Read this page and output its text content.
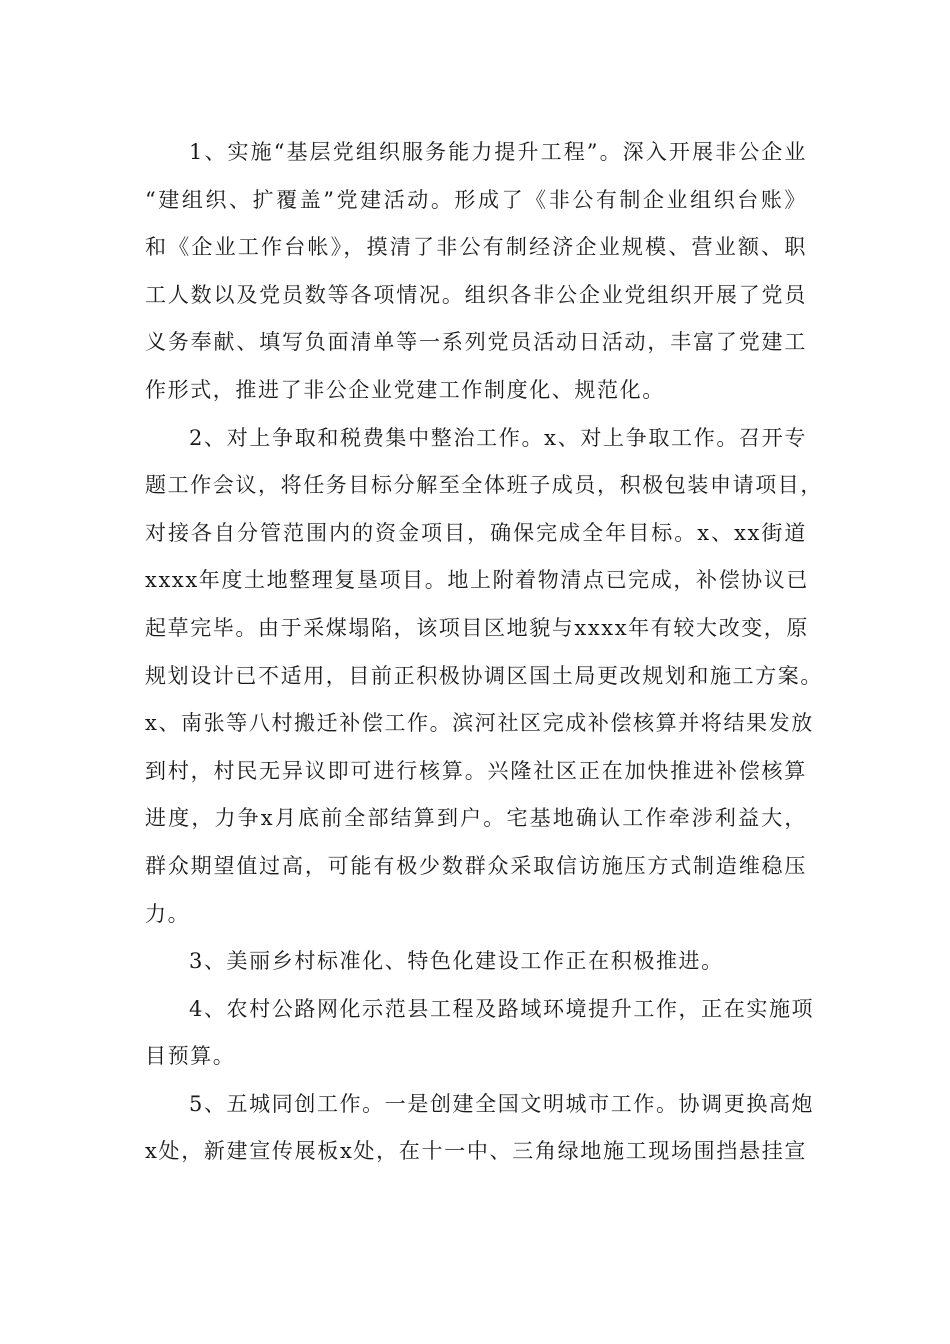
1、实施“基层党组织服务能力提升工程”。深入开展非公企业
“建组织、扩覆盖”党建活动。形成了《非公有制企业组织台账》
和《企业工作台帐》，摸清了非公有制经济企业规模、营业额、职
工人数以及党员数等各项情况。组织各非公企业党组织开展了党员
义务奉献、填写负面清单等一系列党员活动日活动，丰富了党建工
作形式，推进了非公企业党建工作制度化、规范化。
2、对上争取和税费集中整治工作。x、对上争取工作。召开专
题工作会议，将任务目标分解至全体班子成员，积极包装申请项目，
对接各自分管范围内的资金项目，确保完成全年目标。x、xx街道
xxxx年度土地整理复垦项目。地上附着物清点已完成，补偿协议已
起草完毕。由于采煤塌陷，该项目区地貌与xxxx年有较大改变，原
规划设计已不适用，目前正积极协调区国土局更改规划和施工方案。
x、南张等八村搬迁补偿工作。滨河社区完成补偿核算并将结果发放
到村，村民无异议即可进行核算。兴隆社区正在加快推进补偿核算
进度，力争x月底前全部结算到户。宅基地确认工作牵涉利益大，
群众期望值过高，可能有极少数群众采取信访施压方式制造维稳压
力。
3、美丽乡村标准化、特色化建设工作正在积极推进。
4、农村公路网化示范县工程及路域环境提升工作，正在实施项
目预算。
5、五城同创工作。一是创建全国文明城市工作。协调更换高炮
x处，新建宣传展板x处，在十一中、三角绿地施工现场围挡悬挂宣
